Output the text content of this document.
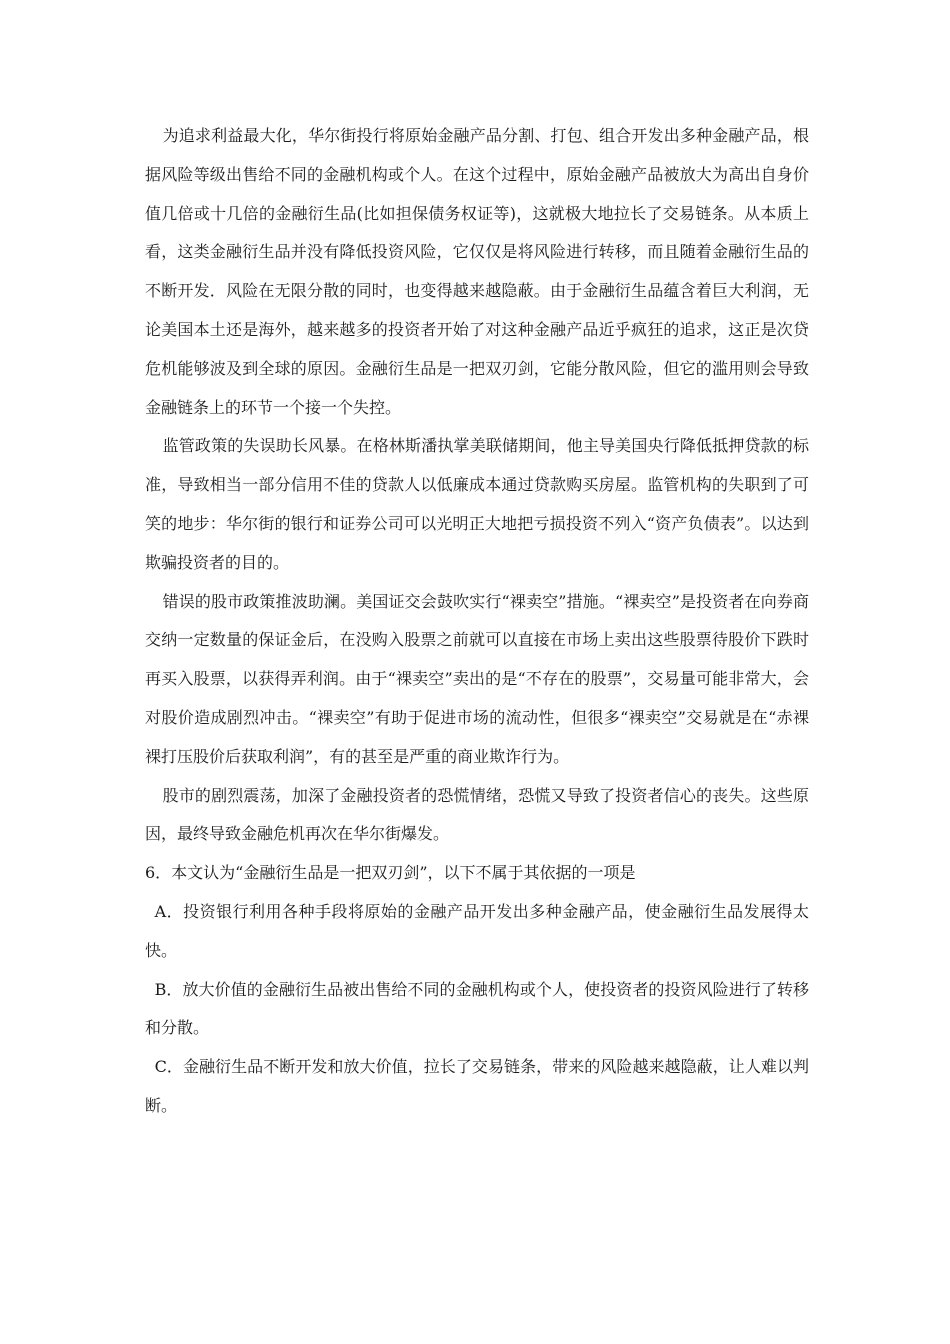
为追求利益最大化，华尔街投行将原始金融产品分割、打包、组合开发出多种金融产品，根据风险等级出售给不同的金融机构或个人。在这个过程中，原始金融产品被放大为高出自身价值几倍或十几倍的金融衍生品(比如担保债务权证等)，这就极大地拉长了交易链条。从本质上看，这类金融衍生品并没有降低投资风险，它仅仅是将风险进行转移，而且随着金融衍生品的不断开发．风险在无限分散的同时，也变得越来越隐蔽。由于金融衍生品蕴含着巨大利润，无论美国本土还是海外，越来越多的投资者开始了对这种金融产品近乎疯狂的追求，这正是次贷危机能够波及到全球的原因。金融衍生品是一把双刃剑，它能分散风险，但它的滥用则会导致金融链条上的环节一个接一个失控。

监管政策的失误助长风暴。在格林斯潘执掌美联储期间，他主导美国央行降低抵押贷款的标准，导致相当一部分信用不佳的贷款人以低廉成本通过贷款购买房屋。监管机构的失职到了可笑的地步：华尔街的银行和证券公司可以光明正大地把亏损投资不列入“资产负债表”。以达到欺骗投资者的目的。

错误的股市政策推波助澜。美国证交会鼓吹实行“裸卖空”措施。“裸卖空”是投资者在向券商交纳一定数量的保证金后，在没购入股票之前就可以直接在市场上卖出这些股票待股价下跌时再买入股票，以获得弄利润。由于“裸卖空”卖出的是“不存在的股票”，交易量可能非常大，会对股价造成剧烈冲击。“裸卖空”有助于促进市场的流动性，但很多“裸卖空”交易就是在“赤裸裸打压股价后获取利润”，有的甚至是严重的商业欺诈行为。

股市的剧烈震荡，加深了金融投资者的恐慌情绪，恐慌又导致了投资者信心的丧失。这些原因，最终导致金融危机再次在华尔街爆发。

6．本文认为“金融衍生品是一把双刃剑”，以下不属于其依据的一项是

A．投资银行利用各种手段将原始的金融产品开发出多种金融产品，使金融衍生品发展得太快。

B．放大价值的金融衍生品被出售给不同的金融机构或个人，使投资者的投资风险进行了转移和分散。

C．金融衍生品不断开发和放大价值，拉长了交易链条，带来的风险越来越隐蔽，让人难以判断。
